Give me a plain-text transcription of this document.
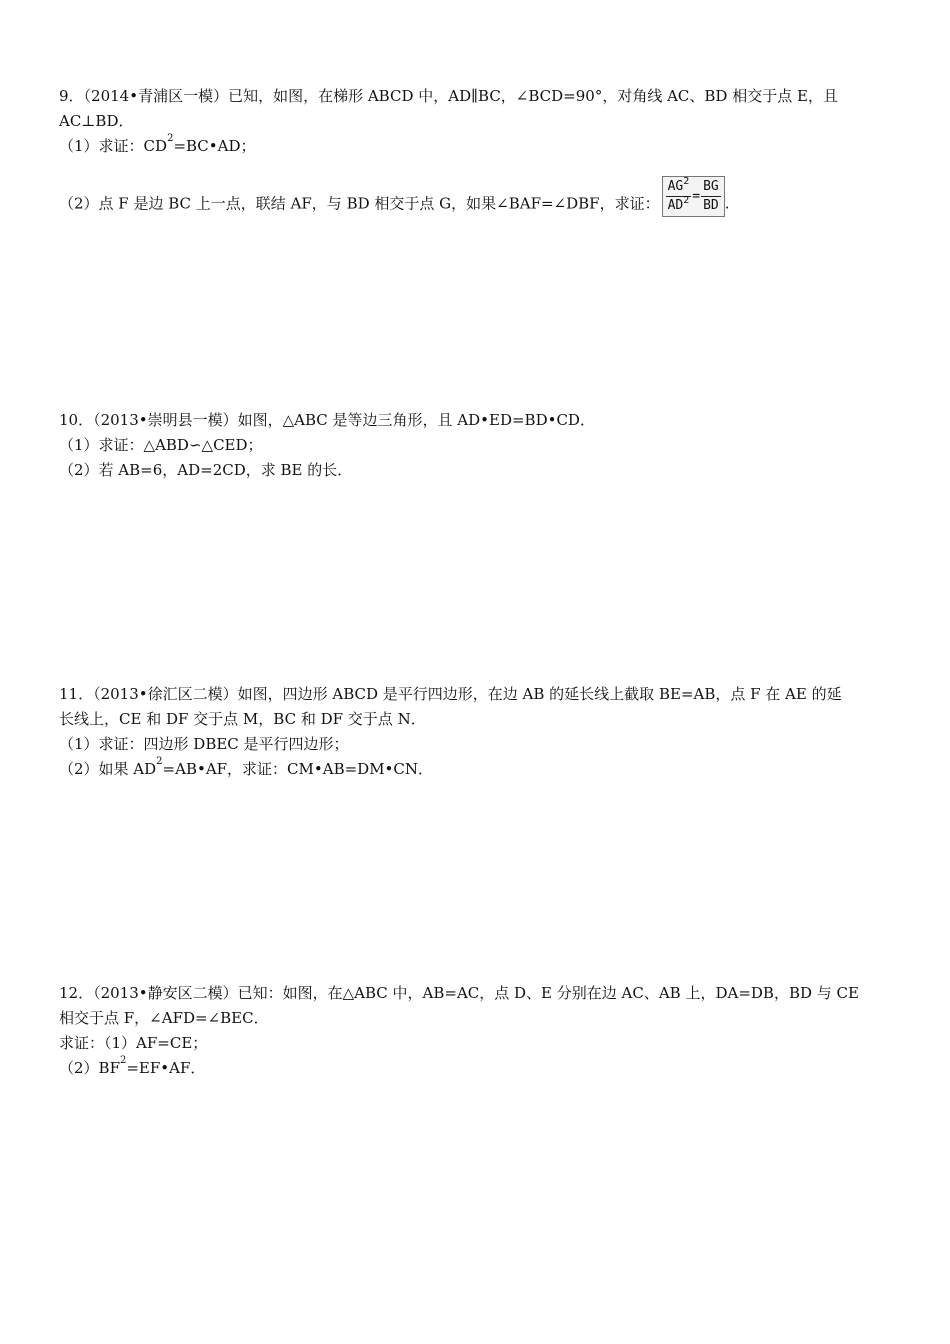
9．（2014•青浦区一模）已知，如图，在梯形 ABCD 中，AD∥BC，∠BCD=90°，对角线 AC、BD 相交于点 E，且
AC⊥BD．
（1）求证：$CD^2=BC•AD$；
（2）点 F 是边 BC 上一点，联结 AF，与 BD 相交于点 G，如果∠BAF=∠DBF，求证： $\frac{AG^2}{AD^2} = \frac{BG}{BD}$ .
10．（2013•崇明县一模）如图，△ABC 是等边三角形，且 AD•ED=BD•CD．
（1）求证：△ABD∽△CED；
（2）若 AB=6，AD=2CD，求 BE 的长．
11．（2013•徐汇区二模）如图，四边形 ABCD 是平行四边形，在边 AB 的延长线上截取 BE=AB，点 F 在 AE 的延
长线上，CE 和 DF 交于点 M，BC 和 DF 交于点 N．
（1）求证：四边形 DBEC 是平行四边形；
（2）如果 $AD^2=AB•AF$，求证：CM•AB=DM•CN．
12．（2013•静安区二模）已知：如图，在△ABC 中，AB=AC，点 D、E 分别在边 AC、AB 上，DA=DB，BD 与 CE
相交于点 F，∠AFD=∠BEC．
求证：（1）AF=CE；
$(2)BF^2=EF•AF$．
